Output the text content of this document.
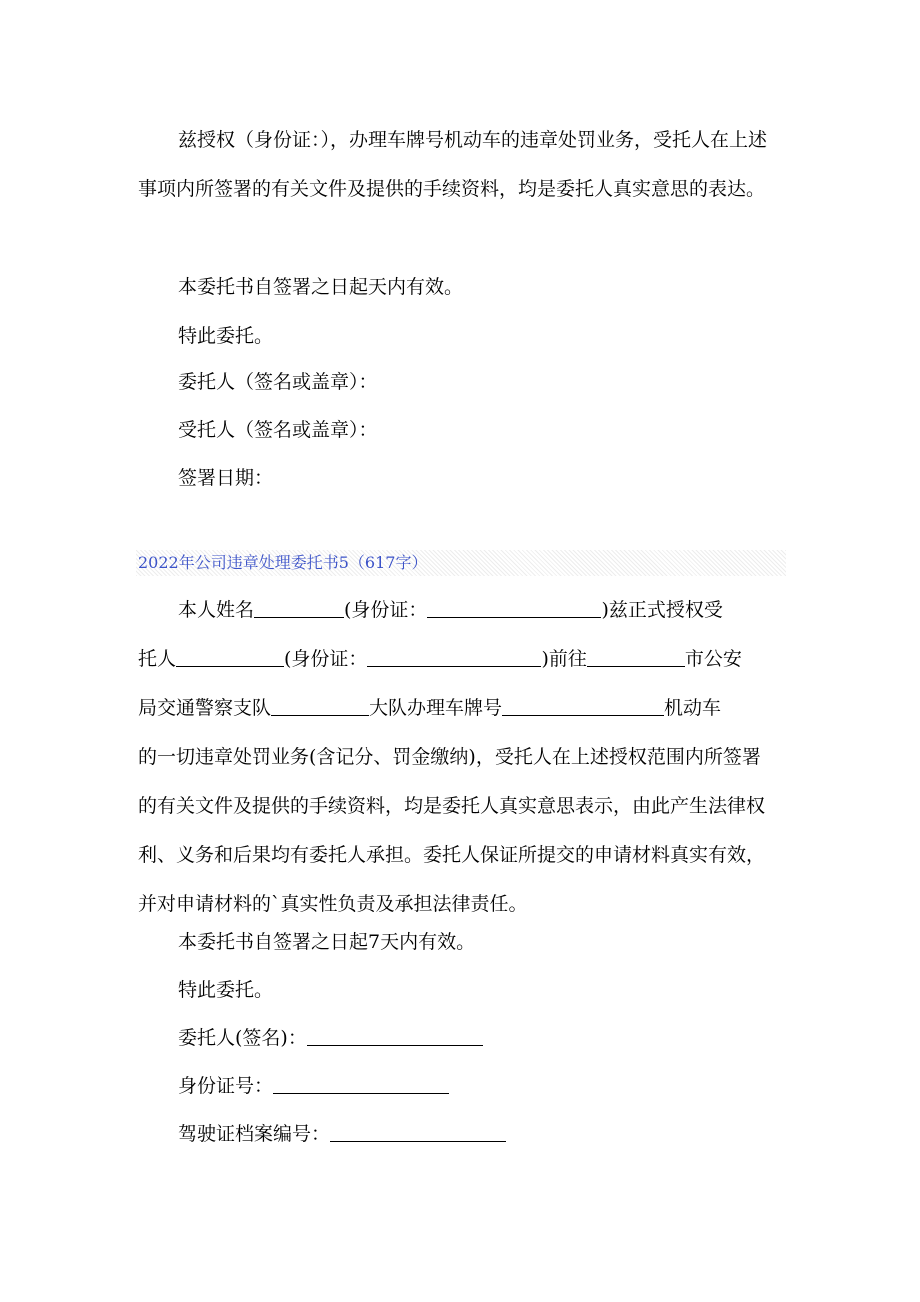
兹授权（身份证：），办理车牌号机动车的违章处罚业务，受托人在上述事项内所签署的有关文件及提供的手续资料，均是委托人真实意思的表达。

本委托书自签署之日起天内有效。

特此委托。

委托人（签名或盖章）：

受托人（签名或盖章）：

签署日期：

2022年公司违章处理委托书5（617字）
本人姓名	(身份证：	)兹正式授权受
托人	(身份证：	)前往	市公安
局交通警察支队	大队办理车牌号	机动车

的一切违章处罚业务(含记分、罚金缴纳)，受托人在上述授权范围内所签署的有关文件及提供的手续资料，均是委托人真实意思表示，由此产生法律权利、义务和后果均有委托人承担。委托人保证所提交的申请材料真实有效，并对申请材料的`真实性负责及承担法律责任。

本委托书自签署之日起7天内有效。

特此委托。

委托人(签名)：
身份证号：
驾驶证档案编号：
